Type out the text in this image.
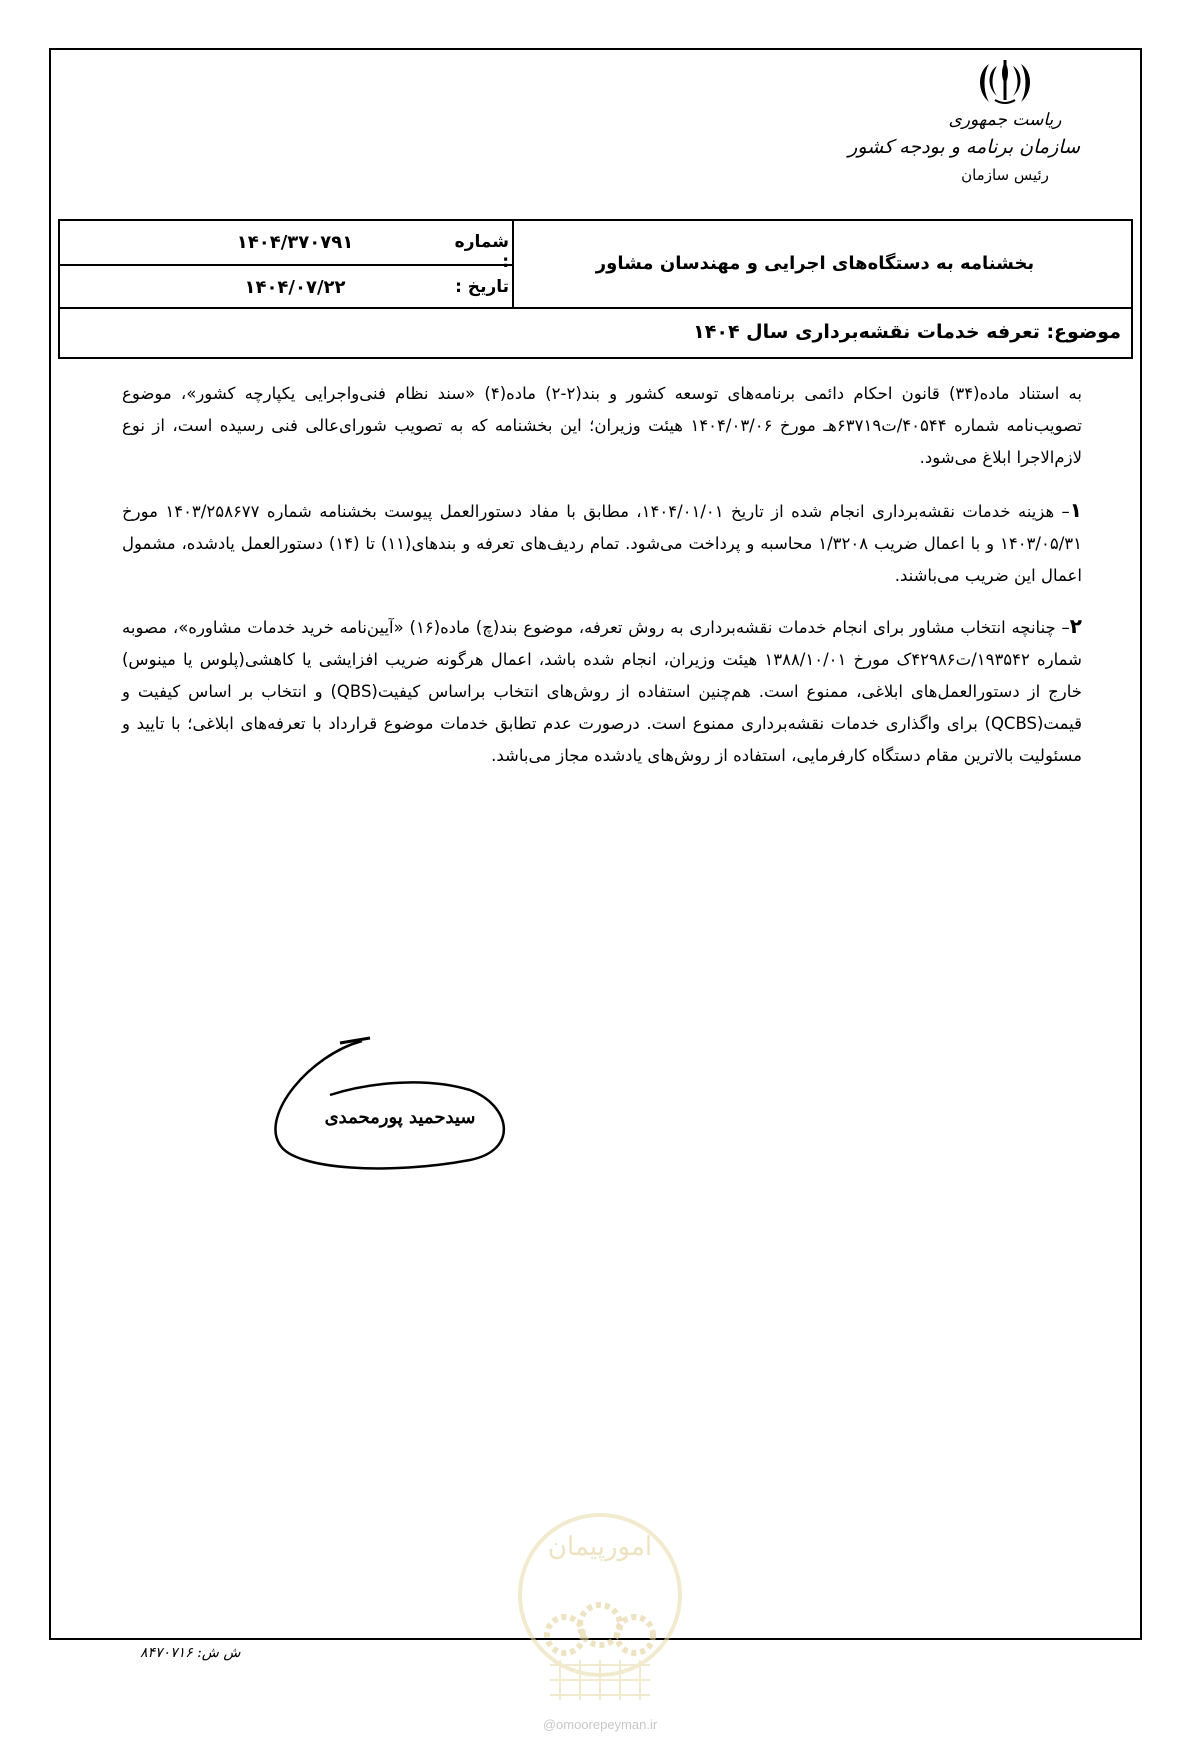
ریاست جمهوری
سازمان برنامه و بودجه کشور
رئیس سازمان
شماره :
۱۴۰۴/۳۷۰۷۹۱
تاریخ :
۱۴۰۴/۰۷/۲۲
بخشنامه به دستگاه‌های اجرایی و مهندسان مشاور
موضوع: تعرفه خدمات نقشه‌برداری سال ۱۴۰۴

به استناد ماده(۳۴) قانون احکام دائمی برنامه‌های توسعه کشور و بند(۲-۲) ماده(۴) «سند نظام فنی‌واجرایی یکپارچه کشور»، موضوع تصویب‌نامه شماره ۴۰۵۴۴/ت۶۳۷۱۹هـ مورخ ۱۴۰۴/۰۳/۰۶ هیئت وزیران؛ این بخشنامه که به تصویب شورای‌عالی فنی رسیده است، از نوع لازم‌الاجرا ابلاغ می‌شود.

۱– هزینه خدمات نقشه‌برداری انجام شده از تاریخ ۱۴۰۴/۰۱/۰۱، مطابق با مفاد دستورالعمل پیوست بخشنامه شماره ۱۴۰۳/۲۵۸۶۷۷ مورخ ۱۴۰۳/۰۵/۳۱ و با اعمال ضریب ۱/۳۲۰۸ محاسبه و پرداخت می‌شود. تمام ردیف‌های تعرفه و بندهای(۱۱) تا (۱۴) دستورالعمل یادشده، مشمول اعمال این ضریب می‌باشند.

۲– چنانچه انتخاب مشاور برای انجام خدمات نقشه‌برداری به روش تعرفه، موضوع بند(چ) ماده(۱۶) «آیین‌نامه خرید خدمات مشاوره»، مصوبه شماره ۱۹۳۵۴۲/ت۴۲۹۸۶ک مورخ ۱۳۸۸/۱۰/۰۱ هیئت وزیران، انجام شده باشد، اعمال هرگونه ضریب افزایشی یا کاهشی(پلوس یا مینوس) خارج از دستورالعمل‌های ابلاغی، ممنوع است. هم‌چنین استفاده از روش‌های انتخاب براساس کیفیت(QBS) و انتخاب بر اساس کیفیت و قیمت(QCBS) برای واگذاری خدمات نقشه‌برداری ممنوع است. درصورت عدم تطابق خدمات موضوع قرارداد با تعرفه‌های ابلاغی؛ با تایید و مسئولیت بالاترین مقام دستگاه کارفرمایی، استفاده از روش‌های یادشده مجاز می‌باشد.

سیدحمید پورمحمدی
امورپیمان
@omoorepeyman.ir
ش ش: ۸۴۷۰۷۱۶
